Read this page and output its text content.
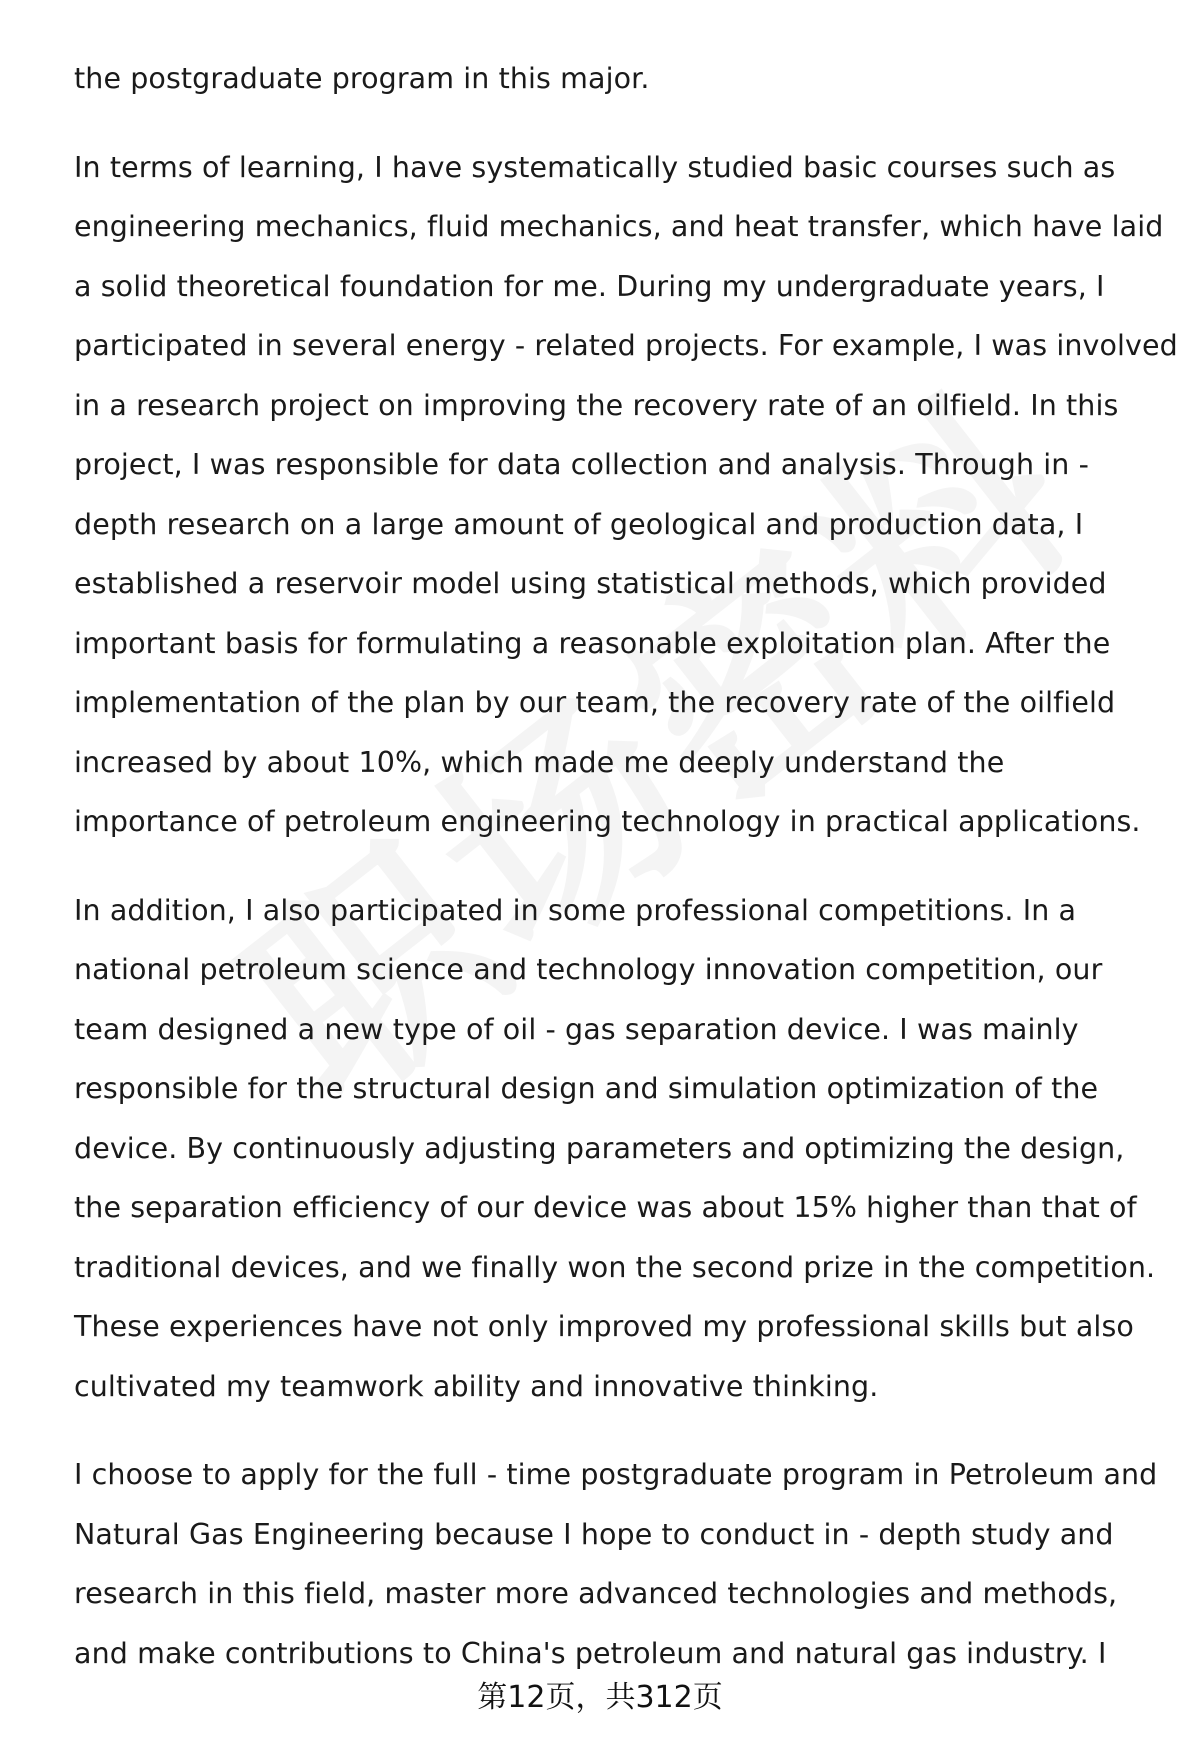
the postgraduate program in this major.

In terms of learning, I have systematically studied basic courses such as
engineering mechanics, fluid mechanics, and heat transfer, which have laid
a solid theoretical foundation for me. During my undergraduate years, I
participated in several energy - related projects. For example, I was involved
in a research project on improving the recovery rate of an oilfield. In this
project, I was responsible for data collection and analysis. Through in -
depth research on a large amount of geological and production data, I
established a reservoir model using statistical methods, which provided
important basis for formulating a reasonable exploitation plan. After the
implementation of the plan by our team, the recovery rate of the oilfield
increased by about 10%, which made me deeply understand the
importance of petroleum engineering technology in practical applications.

In addition, I also participated in some professional competitions. In a
national petroleum science and technology innovation competition, our
team designed a new type of oil - gas separation device. I was mainly
responsible for the structural design and simulation optimization of the
device. By continuously adjusting parameters and optimizing the design,
the separation efficiency of our device was about 15% higher than that of
traditional devices, and we finally won the second prize in the competition.
These experiences have not only improved my professional skills but also
cultivated my teamwork ability and innovative thinking.

I choose to apply for the full - time postgraduate program in Petroleum and
Natural Gas Engineering because I hope to conduct in - depth study and
research in this field, master more advanced technologies and methods,
and make contributions to China's petroleum and natural gas industry. I

第12页，共312页
